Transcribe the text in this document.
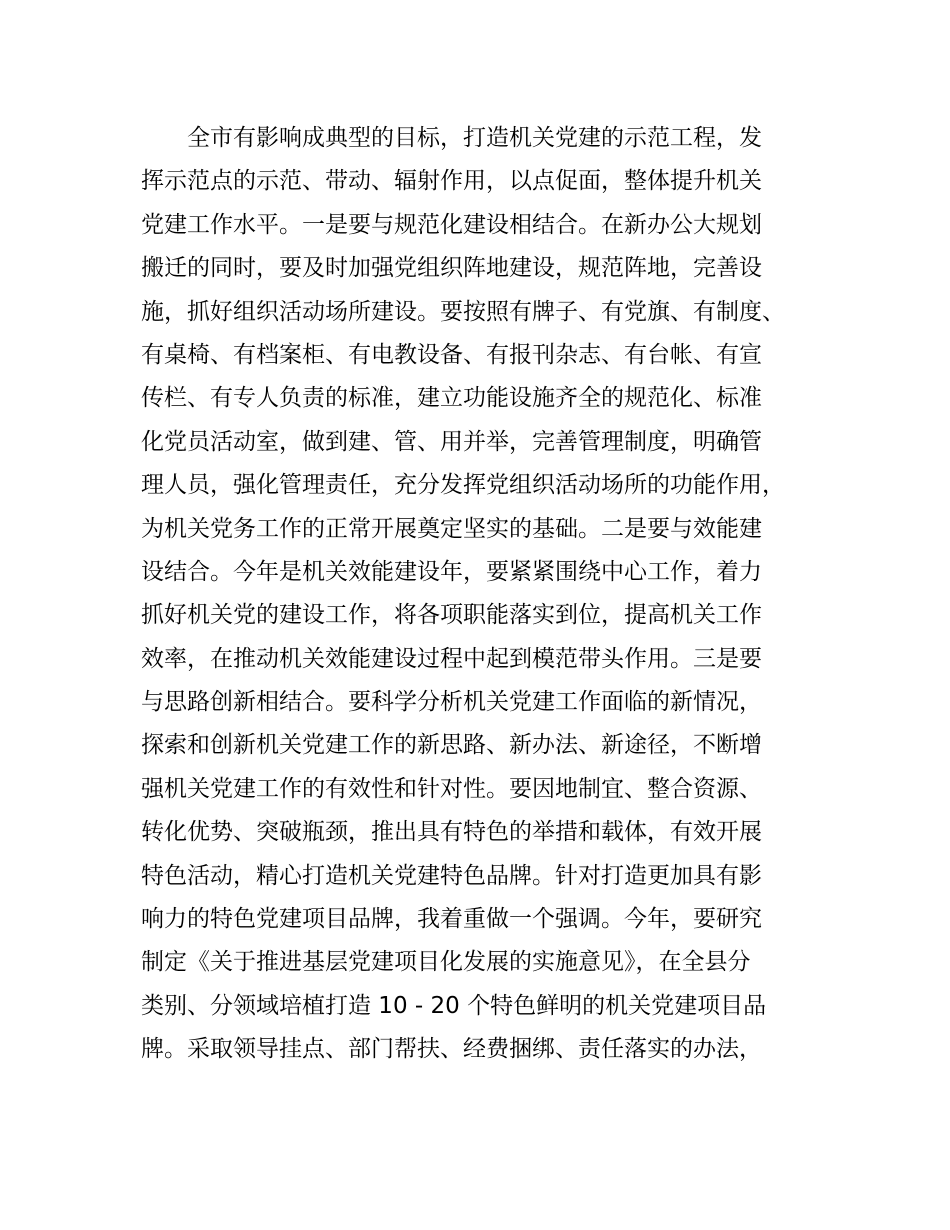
全市有影响成典型的目标，打造机关党建的示范工程，发
挥示范点的示范、带动、辐射作用，以点促面，整体提升机关
党建工作水平。一是要与规范化建设相结合。在新办公大规划
搬迁的同时，要及时加强党组织阵地建设，规范阵地，完善设
施，抓好组织活动场所建设。要按照有牌子、有党旗、有制度、
有桌椅、有档案柜、有电教设备、有报刊杂志、有台帐、有宣
传栏、有专人负责的标准，建立功能设施齐全的规范化、标准
化党员活动室，做到建、管、用并举，完善管理制度，明确管
理人员，强化管理责任，充分发挥党组织活动场所的功能作用，
为机关党务工作的正常开展奠定坚实的基础。二是要与效能建
设结合。今年是机关效能建设年，要紧紧围绕中心工作，着力
抓好机关党的建设工作，将各项职能落实到位，提高机关工作
效率，在推动机关效能建设过程中起到模范带头作用。三是要
与思路创新相结合。要科学分析机关党建工作面临的新情况，
探索和创新机关党建工作的新思路、新办法、新途径，不断增
强机关党建工作的有效性和针对性。要因地制宜、整合资源、
转化优势、突破瓶颈，推出具有特色的举措和载体，有效开展
特色活动，精心打造机关党建特色品牌。针对打造更加具有影
响力的特色党建项目品牌，我着重做一个强调。今年，要研究
制定《关于推进基层党建项目化发展的实施意见》，在全县分
类别、分领域培植打造 10 - 20 个特色鲜明的机关党建项目品
牌。采取领导挂点、部门帮扶、经费捆绑、责任落实的办法，
